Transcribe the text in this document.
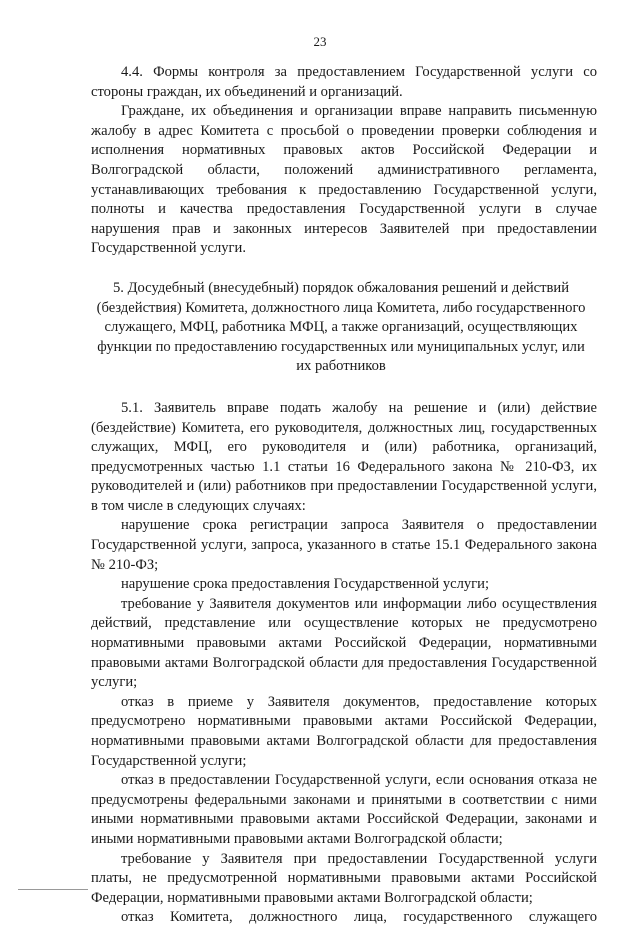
23

4.4. Формы контроля за предоставлением Государственной услуги со стороны граждан, их объединений и организаций.

Граждане, их объединения и организации вправе направить письменную жалобу в адрес Комитета с просьбой о проведении проверки соблюдения и исполнения нормативных правовых актов Российской Федерации и Волгоградской области, положений административного регламента, устанавливающих требования к предоставлению Государственной услуги, полноты и качества предоставления Государственной услуги в случае нарушения прав и законных интересов Заявителей при предоставлении Государственной услуги.

5. Досудебный (внесудебный) порядок обжалования решений и действий (бездействия) Комитета, должностного лица Комитета, либо государственного служащего, МФЦ, работника МФЦ, а также организаций, осуществляющих функции по предоставлению государственных или муниципальных услуг, или их работников

5.1. Заявитель вправе подать жалобу на решение и (или) действие (бездействие) Комитета, его руководителя, должностных лиц, государственных служащих, МФЦ, его руководителя и (или) работника, организаций, предусмотренных частью 1.1 статьи 16 Федерального закона № 210-ФЗ, их руководителей и (или) работников при предоставлении Государственной услуги, в том числе в следующих случаях:

нарушение срока регистрации запроса Заявителя о предоставлении Государственной услуги, запроса, указанного в статье 15.1 Федерального закона № 210-ФЗ;

нарушение срока предоставления Государственной услуги;

требование у Заявителя документов или информации либо осуществления действий, представление или осуществление которых не предусмотрено нормативными правовыми актами Российской Федерации, нормативными правовыми актами Волгоградской области для предоставления Государственной услуги;

отказ в приеме у Заявителя документов, предоставление которых предусмотрено нормативными правовыми актами Российской Федерации, нормативными правовыми актами Волгоградской области для предоставления Государственной услуги;

отказ в предоставлении Государственной услуги, если основания отказа не предусмотрены федеральными законами и принятыми в соответствии с ними иными нормативными правовыми актами Российской Федерации, законами и иными нормативными правовыми актами Волгоградской области;

требование у Заявителя при предоставлении Государственной услуги платы, не предусмотренной нормативными правовыми актами Российской Федерации, нормативными правовыми актами Волгоградской области;

отказ Комитета, должностного лица, государственного служащего
